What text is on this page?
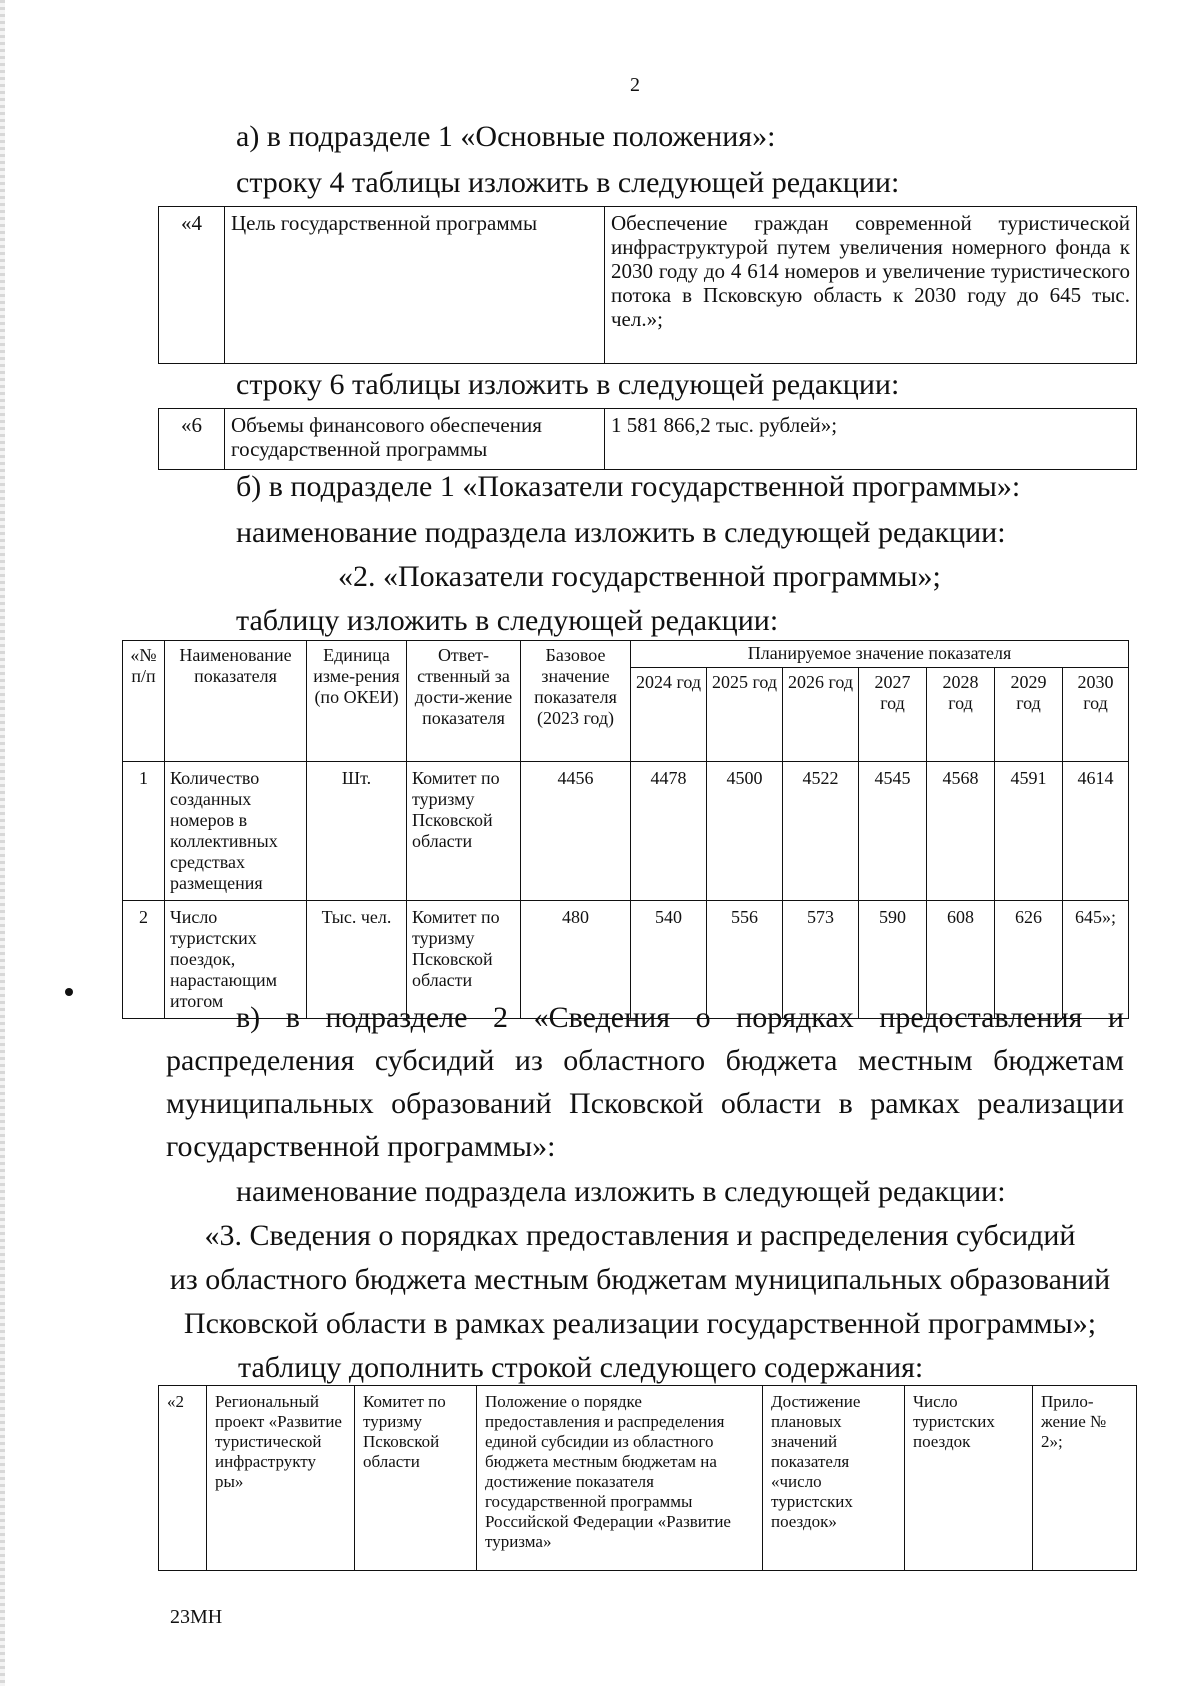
2
а) в подразделе 1 «Основные положения»:
строку 4 таблицы изложить в следующей редакции:
«4	Цель государственной программы	Обеспечение граждан современной туристической инфраструктурой путем увеличения номерного фонда к 2030 году до 4 614 номеров и увеличение туристического потока в Псковскую область к 2030 году до 645 тыс. чел.»;
строку 6 таблицы изложить в следующей редакции:
«6	Объемы финансового обеспечения государственной программы	1 581 866,2 тыс. рублей»;
б) в подразделе 1 «Показатели государственной программы»:
наименование подраздела изложить в следующей редакции:
«2. «Показатели государственной программы»;
таблицу изложить в следующей редакции:
«№ п/п	Наименование показателя	Единица изме-рения (по ОКЕИ)	Ответ-ственный за дости-жение показателя	Базовое значение показателя (2023 год)	Планируемое значение показателя						
					2024 год	2025 год	2026 год	2027 год	2028 год	2029 год	2030 год
1	Количество созданных номеров в коллективных средствах размещения	Шт.	Комитет по туризму Псковской области	4456	4478	4500	4522	4545	4568	4591	4614
2	Число туристских поездок, нарастающим итогом	Тыс. чел.	Комитет по туризму Псковской области	480	540	556	573	590	608	626	645»;
в) в подразделе 2 «Сведения о порядках предоставления и
распределения субсидий из областного бюджета местным бюджетам
муниципальных образований Псковской области в рамках реализации
государственной программы»:
наименование подраздела изложить в следующей редакции:
«3. Сведения о порядках предоставления и распределения субсидий
из областного бюджета местным бюджетам муниципальных образований
Псковской области в рамках реализации государственной программы»;
таблицу дополнить строкой следующего содержания:
«2	Региональный проект «Развитие туристической инфраструкту ры»	Комитет по туризму Псковской области	Положение о порядке предоставления и распределения единой субсидии из областного бюджета местным бюджетам на достижение показателя государственной программы Российской Федерации «Развитие туризма»	Достижение плановых значений показателя «число туристских поездок»	Число туристских поездок	Прило-жение № 2»;
23МН
